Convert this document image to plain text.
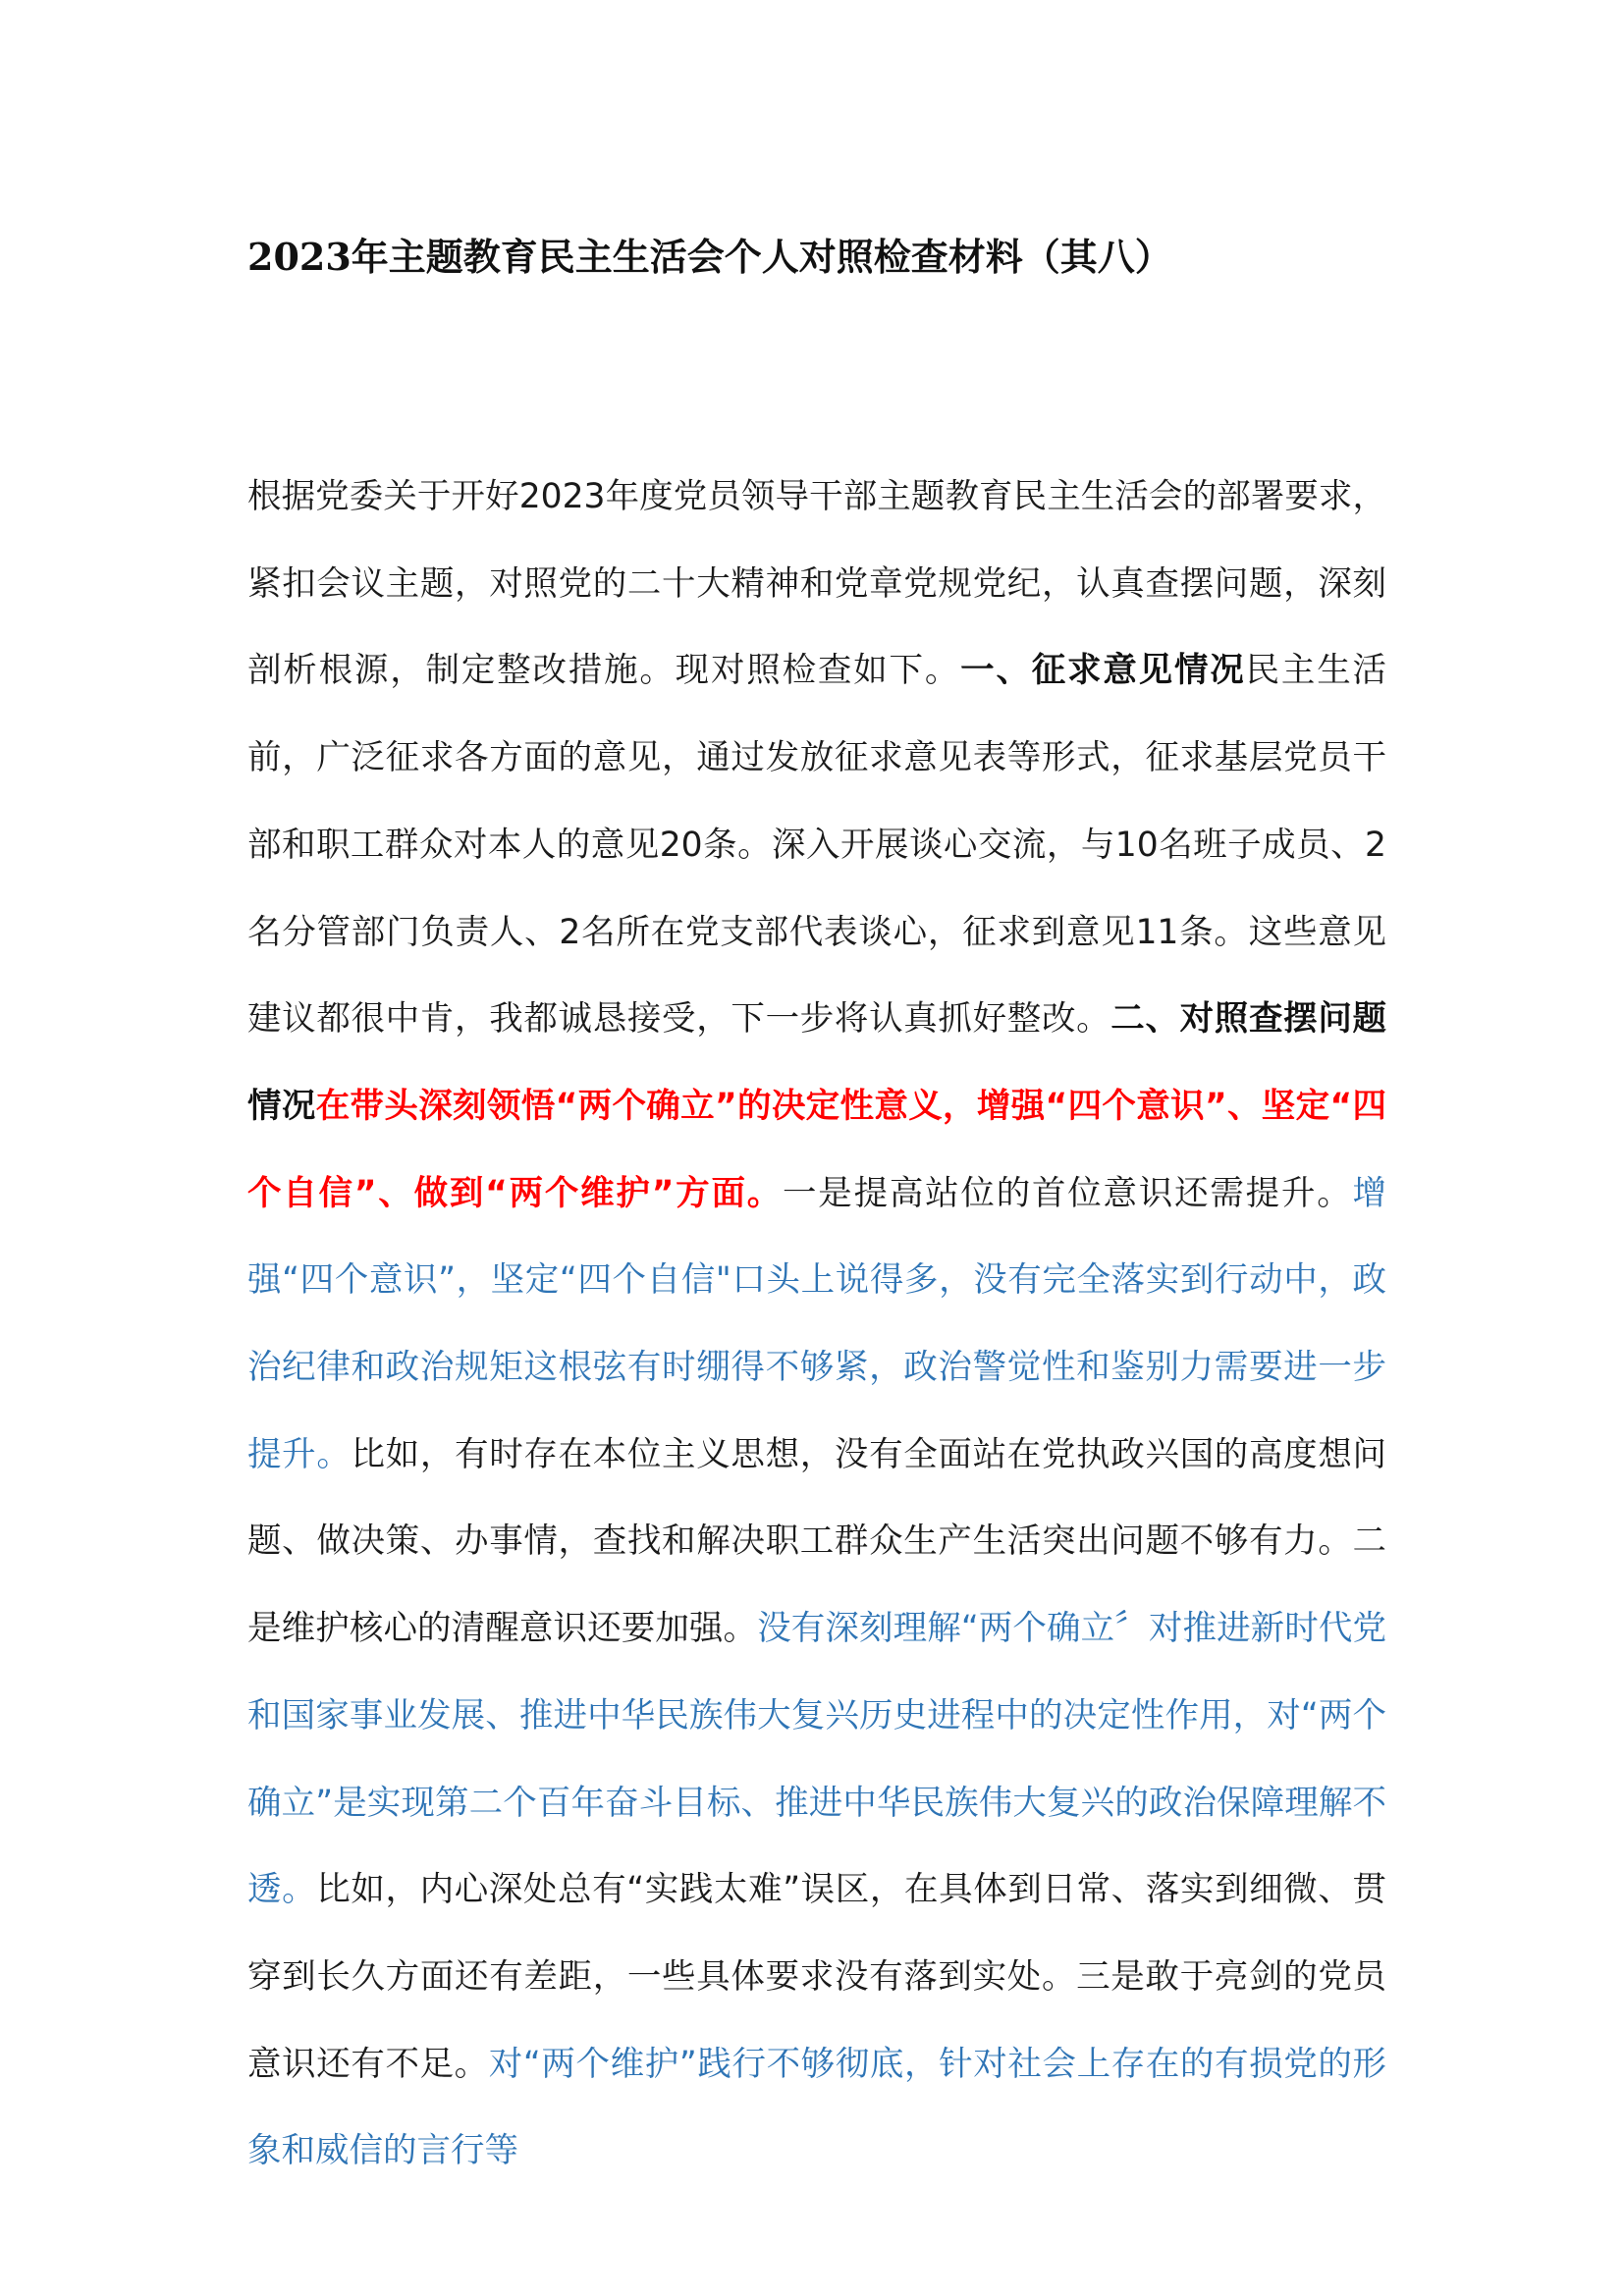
2023年主题教育民主生活会个人对照检查材料（其八）

根据党委关于开好2023年度党员领导干部主题教育民主生活会的部署要求，紧扣会议主题，对照党的二十大精神和党章党规党纪，认真查摆问题，深刻剖析根源，制定整改措施。现对照检查如下。一、征求意见情况民主生活前，广泛征求各方面的意见，通过发放征求意见表等形式，征求基层党员干部和职工群众对本人的意见20条。深入开展谈心交流，与10名班子成员、2名分管部门负责人、2名所在党支部代表谈心，征求到意见11条。这些意见建议都很中肯，我都诚恳接受，下一步将认真抓好整改。二、对照查摆问题情况在带头深刻领悟“两个确立”的决定性意义，增强“四个意识”、坚定“四个自信”、做到“两个维护”方面。一是提高站位的首位意识还需提升。增强“四个意识”，坚定“四个自信"口头上说得多，没有完全落实到行动中，政治纪律和政治规矩这根弦有时绷得不够紧，政治警觉性和鉴别力需要进一步提升。比如，有时存在本位主义思想，没有全面站在党执政兴国的高度想问题、做决策、办事情，查找和解决职工群众生产生活突出问题不够有力。二是维护核心的清醒意识还要加强。没有深刻理解“两个确立〞对推进新时代党和国家事业发展、推进中华民族伟大复兴历史进程中的决定性作用，对“两个确立”是实现第二个百年奋斗目标、推进中华民族伟大复兴的政治保障理解不透。比如，内心深处总有“实践太难”误区，在具体到日常、落实到细微、贯穿到长久方面还有差距，一些具体要求没有落到实处。三是敢于亮剑的党员意识还有不足。对“两个维护”践行不够彻底，针对社会上存在的有损党的形象和威信的言行等
